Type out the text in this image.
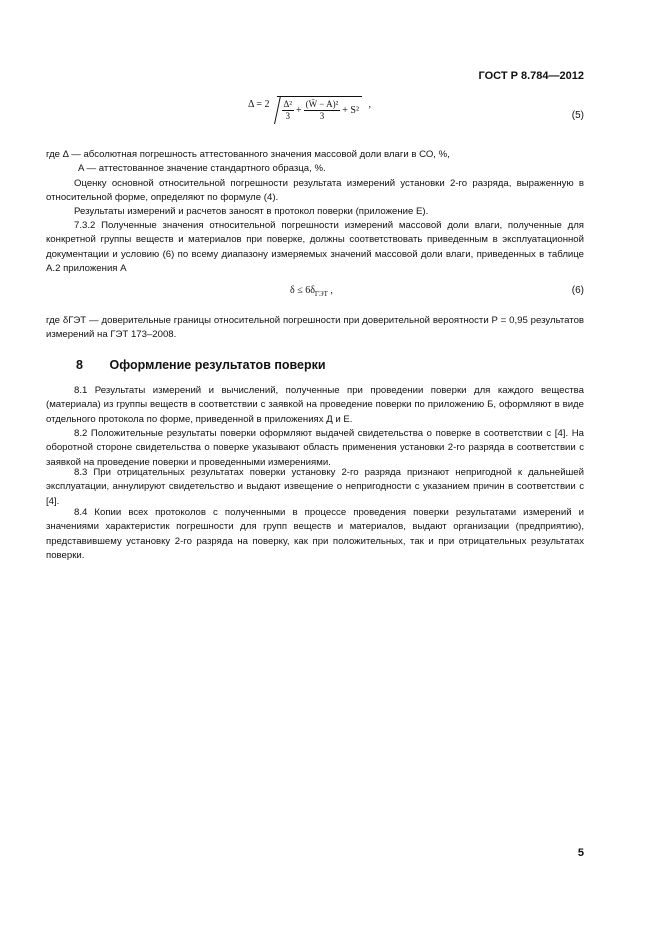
ГОСТ Р 8.784—2012
$\Delta = 2 \frac{\text{Δ²}}{3} + \frac{\text{(W̄ − A)²}}{3} + S^2$
,
(5)

где Δ — абсолютная погрешность аттестованного значения массовой доли влаги в СО, %,

A — аттестованное значение стандартного образца, %.

Оценку основной относительной погрешности результата измерений установки 2-го разряда, выраженную в относительной форме, определяют по формуле (4).

Результаты измерений и расчетов заносят в протокол поверки (приложение Е).

7.3.2 Полученные значения относительной погрешности измерений массовой доли влаги, полученные для конкретной группы веществ и материалов при поверке, должны соответствовать приведенным в эксплуатационной документации и условию (6) по всему диапазону измеряемых значений массовой доли влаги, приведенных в таблице А.2 приложения А

$\delta \le 6\delta_{ГЭТ}$ ,	(6)

где δГЭТ — доверительные границы относительной погрешности при доверительной вероятности P = 0,95 результатов измерений на ГЭТ 173–2008.

8 Оформление результатов поверки

8.1 Результаты измерений и вычислений, полученные при проведении поверки для каждого вещества (материала) из группы веществ в соответствии с заявкой на проведение поверки по приложению Б, оформляют в виде отдельного протокола по форме, приведенной в приложениях Д и Е.

8.2 Положительные результаты поверки оформляют выдачей свидетельства о поверке в соответствии с [4]. На оборотной стороне свидетельства о поверке указывают область применения установки 2-го разряда в соответствии с заявкой на проведение поверки и проведенными измерениями.

8.3 При отрицательных результатах поверки установку 2-го разряда признают непригодной к дальнейшей эксплуатации, аннулируют свидетельство и выдают извещение о непригодности с указанием причин в соответствии с [4].

8.4 Копии всех протоколов с полученными в процессе проведения поверки результатами измерений и значениями характеристик погрешности для групп веществ и материалов, выдают организации (предприятию), представившему установку 2-го разряда на поверку, как при положительных, так и при отрицательных результатах поверки.

5
